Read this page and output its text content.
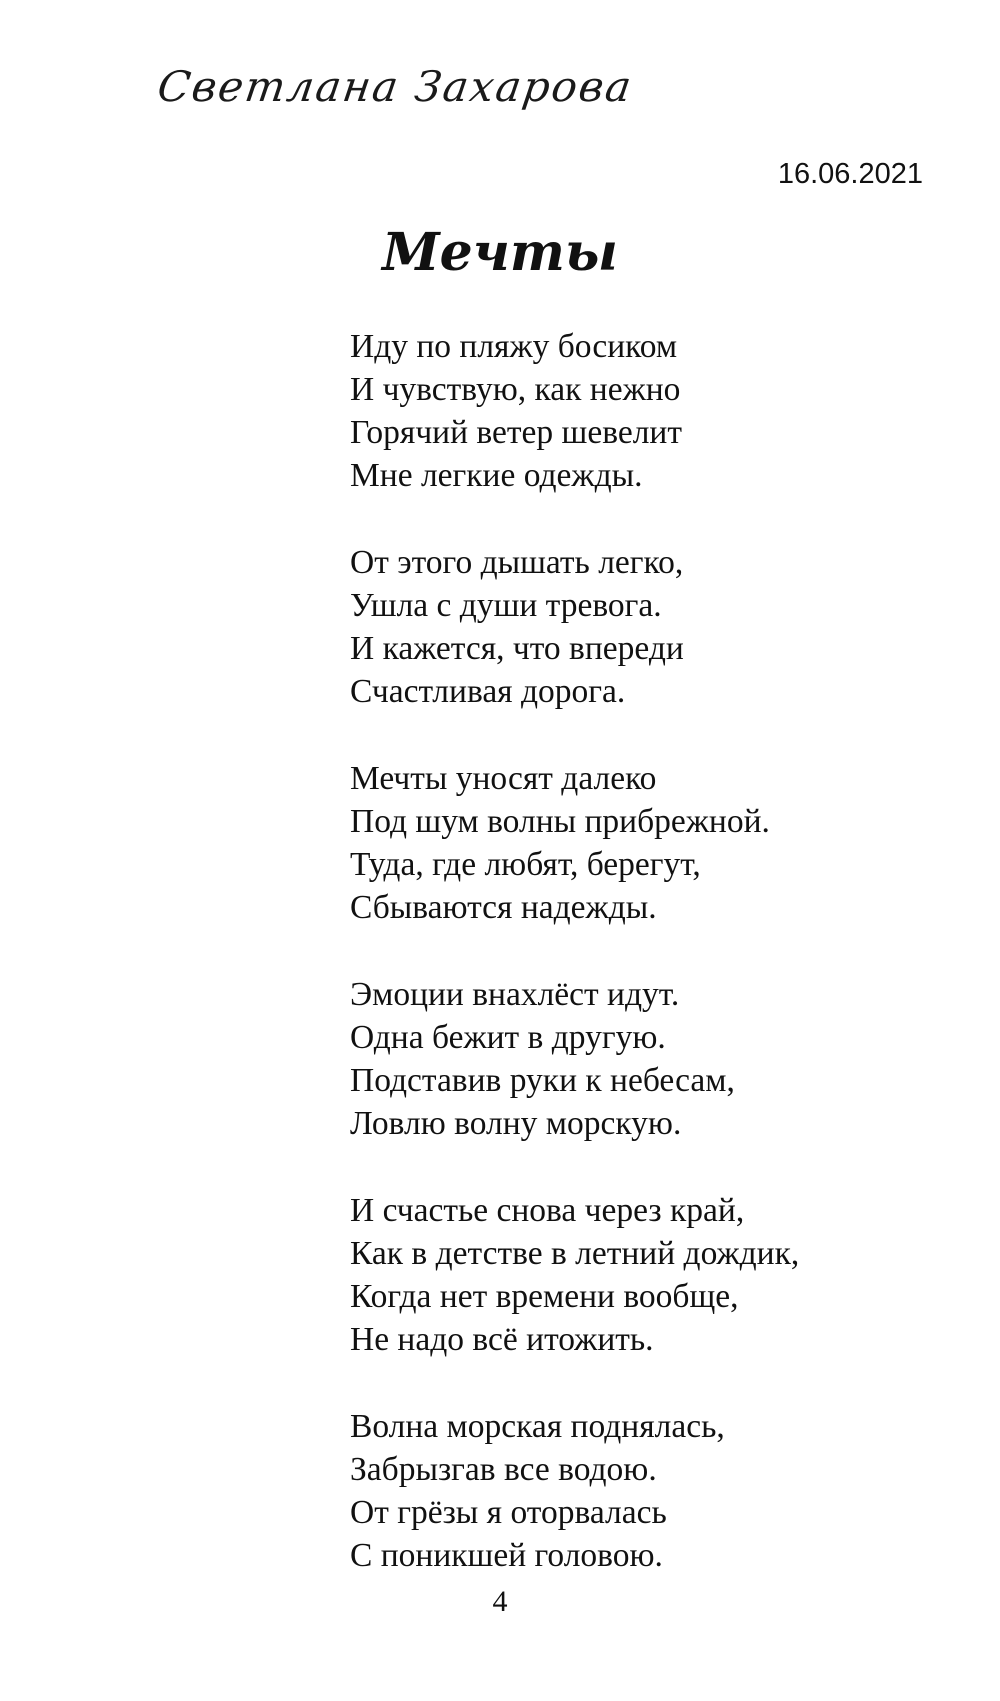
Светлана Захарова
16.06.2021
Мечты
Иду по пляжу босиком
И чувствую, как нежно
Горячий ветер шевелит
Мне легкие одежды.
От этого дышать легко,
Ушла с души тревога.
И кажется, что впереди
Счастливая дорога.
Мечты уносят далеко
Под шум волны прибрежной.
Туда, где любят, берегут,
Сбываются надежды.
Эмоции внахлёст идут.
Одна бежит в другую.
Подставив руки к небесам,
Ловлю волну морскую.
И счастье снова через край,
Как в детстве в летний дождик,
Когда нет времени вообще,
Не надо всё итожить.
Волна морская поднялась,
Забрызгав все водою.
От грёзы я оторвалась
С поникшей головою.
4
